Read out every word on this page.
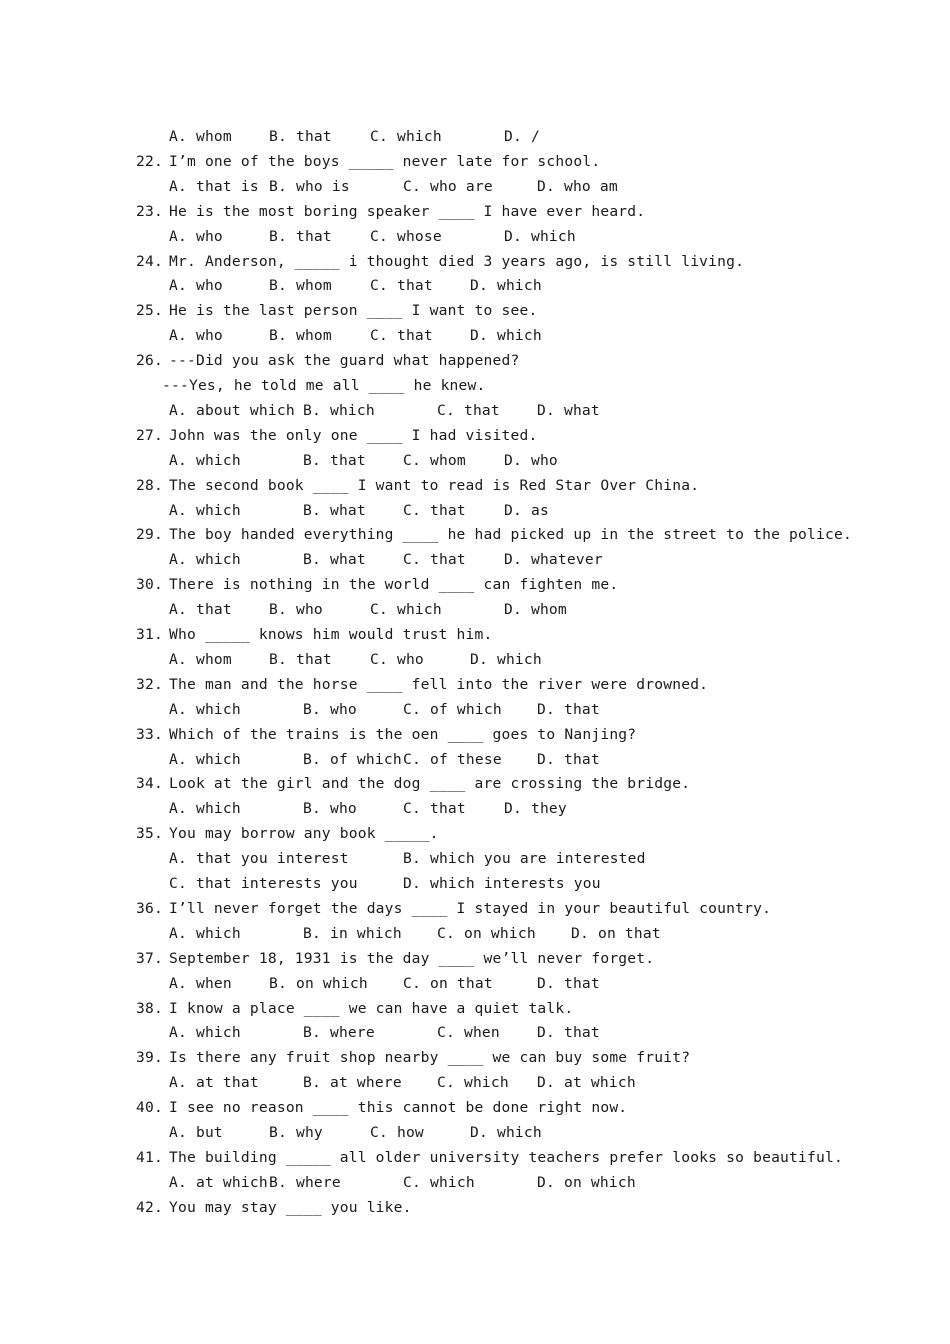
A. whom	B. that	C. which	D. /
22. I’m one of the boys _____ never late for school.
A. that is B. who is	C. who are	D. who am
23. He is the most boring speaker ____ I have ever heard.
A. who	B. that	C. whose	D. which
24. Mr. Anderson, _____ i thought died 3 years ago, is still living.
A. who	B. whom	C. that	D. which
25. He is the last person ____ I want to see.
A. who	B. whom	C. that	D. which
26. ---Did you ask the guard what happened?
---Yes, he told me all ____ he knew.
A. about which B. which	C. that	D. what
27. John was the only one ____ I had visited.
A. which	B. that	C. whom	D. who
28. The second book ____ I want to read is Red Star Over China.
A. which	B. what	C. that	D. as
29. The boy handed everything ____ he had picked up in the street to the police.
A. which	B. what	C. that	D. whatever
30. There is nothing in the world ____ can fighten me.
A. that	B. who	C. which	D. whom
31. Who _____ knows him would trust him.
A. whom	B. that	C. who	D. which
32. The man and the horse ____ fell into the river were drowned.
A. which	B. who	C. of which D. that
33. Which of the trains is the oen ____ goes to Nanjing?
A. which	B. of which C. of these D. that
34. Look at the girl and the dog ____ are crossing the bridge.
A. which	B. who	C. that	D. they
35. You may borrow any book _____.
A. that you interest	B. which you are interested
C. that interests you	D. which interests you
36. I’ll never forget the days ____ I stayed in your beautiful country.
A. which	B. in which C. on which D. on that
37. September 18, 1931 is the day ____ we’ll never forget.
A. when	B. on which C. on that	D. that
38. I know a place ____ we can have a quiet talk.
A. which	B. where	C. when	D. that
39. Is there any fruit shop nearby ____ we can buy some fruit?
A. at that	B. at where C. which D. at which
40. I see no reason ____ this cannot be done right now.
A. but	B. why	C. how	D. which
41. The building _____ all older university teachers prefer looks so beautiful.
A. at which B. where	C. which	D. on which
42. You may stay ____ you like.
